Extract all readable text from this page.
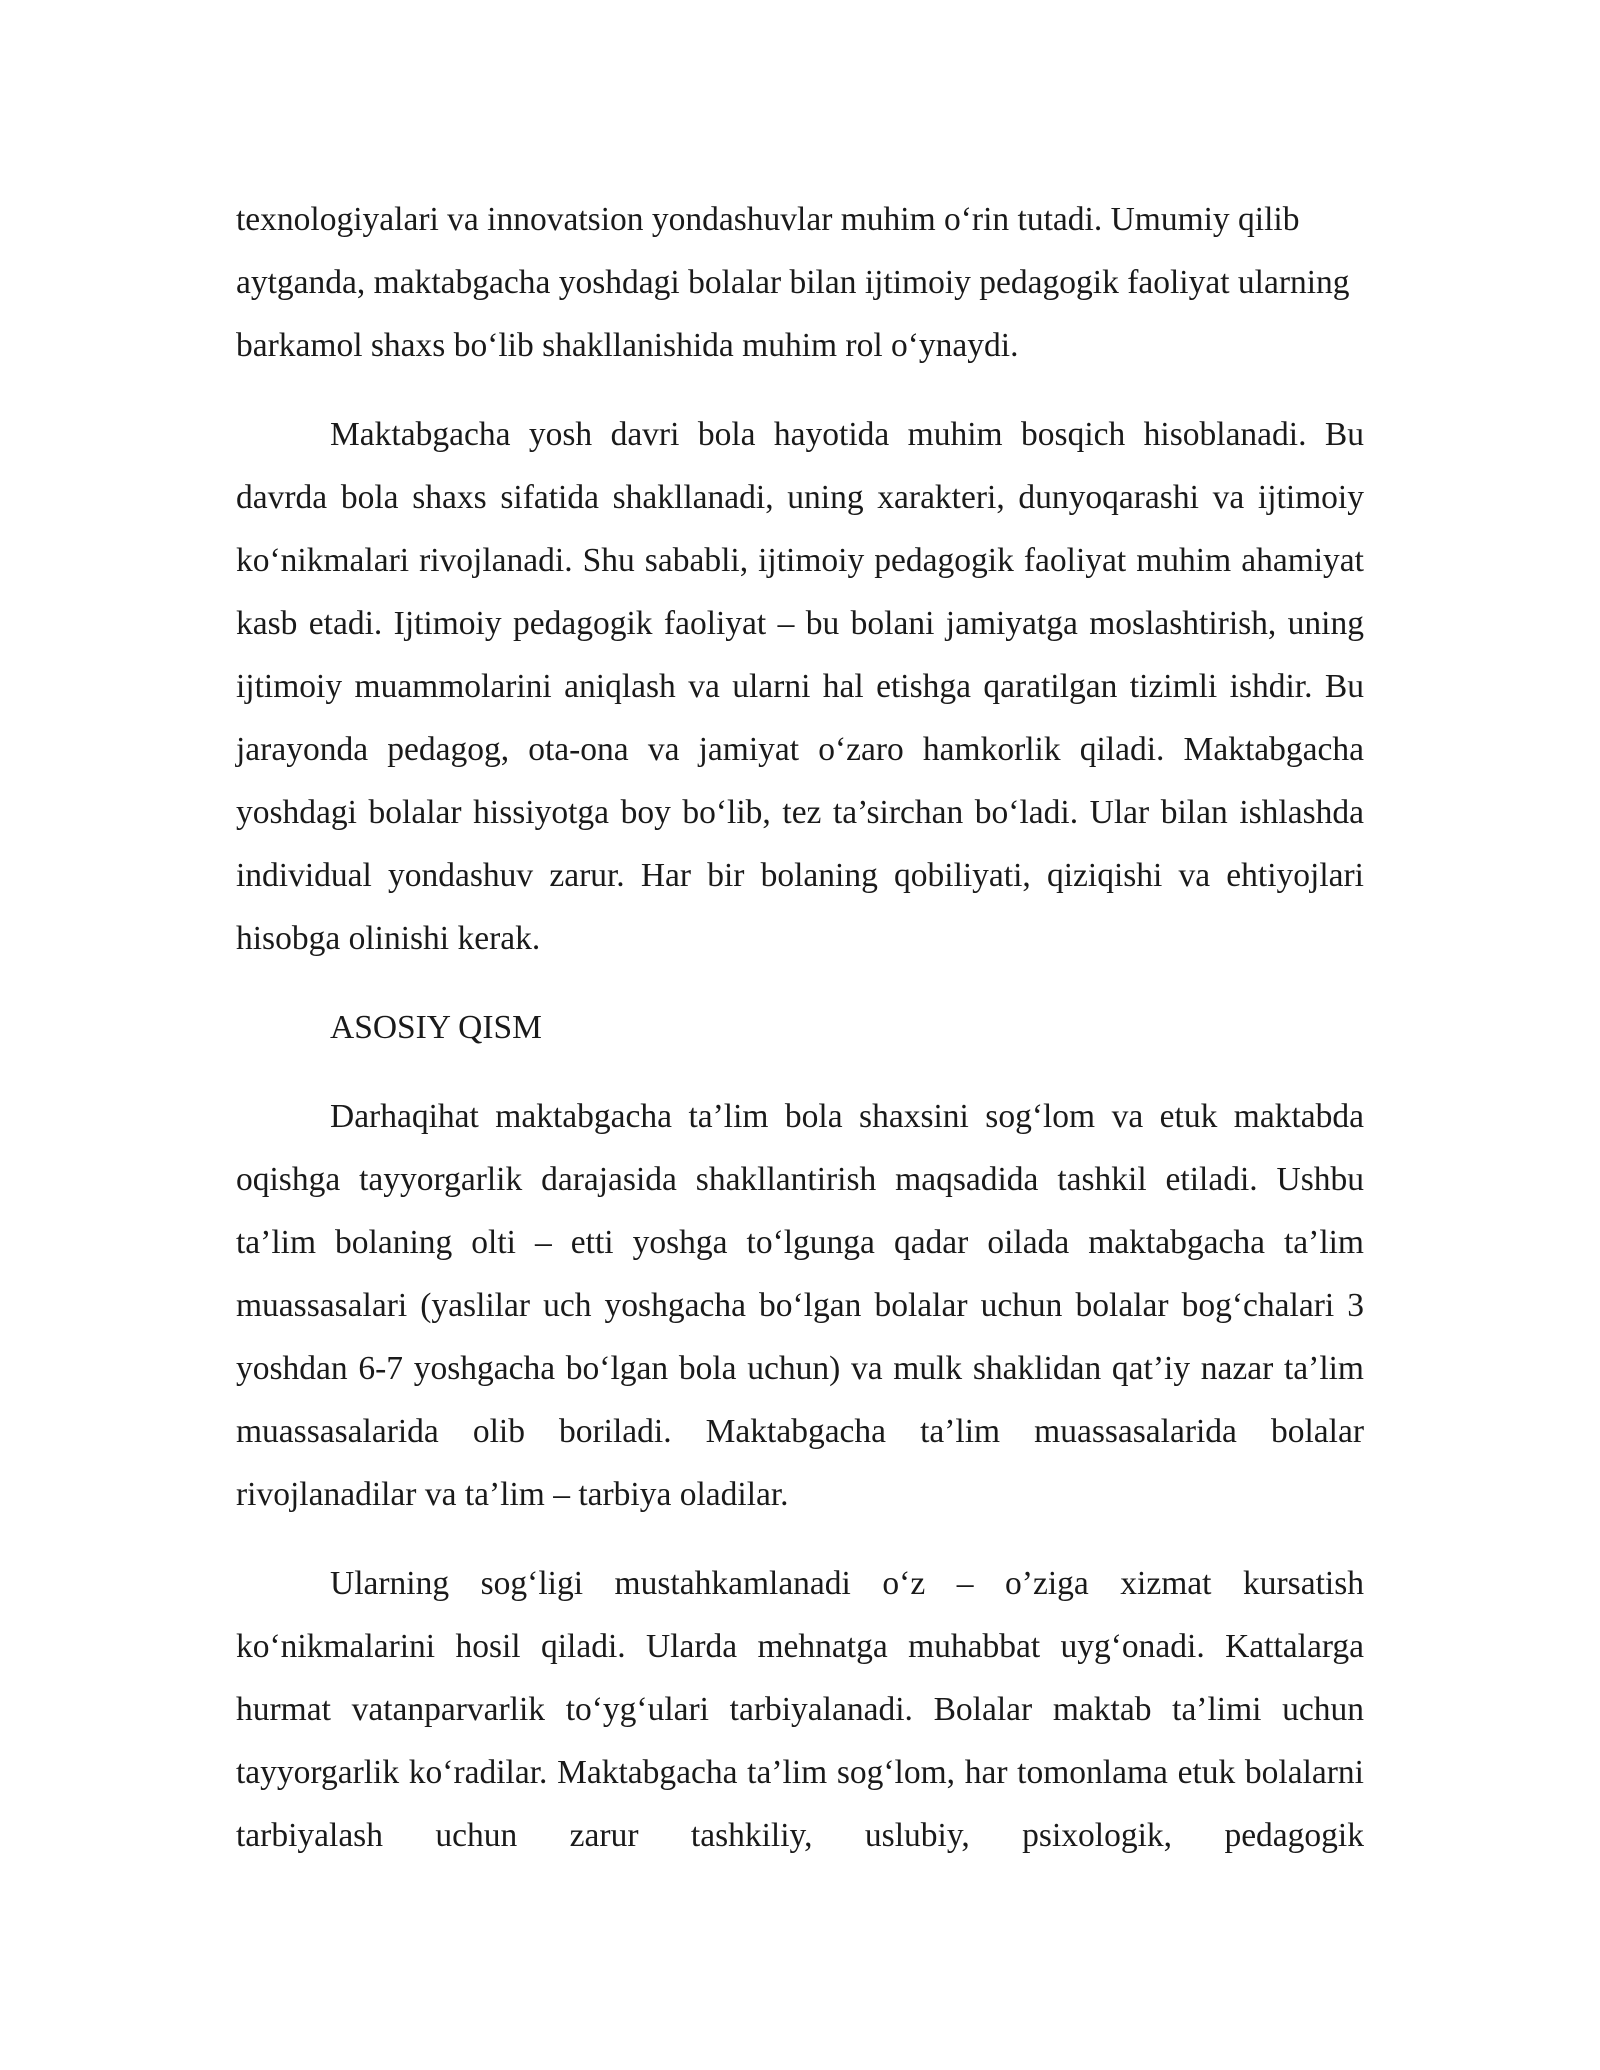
texnologiyalari va innovatsion yondashuvlar muhim o‘rin tutadi. Umumiy qilib aytganda, maktabgacha yoshdagi bolalar bilan ijtimoiy pedagogik faoliyat ularning barkamol shaxs bo‘lib shakllanishida muhim rol o‘ynaydi.

Maktabgacha yosh davri bola hayotida muhim bosqich hisoblanadi. Bu davrda bola shaxs sifatida shakllanadi, uning xarakteri, dunyoqarashi va ijtimoiy ko‘nikmalari rivojlanadi. Shu sababli, ijtimoiy pedagogik faoliyat muhim ahamiyat kasb etadi. Ijtimoiy pedagogik faoliyat – bu bolani jamiyatga moslashtirish, uning ijtimoiy muammolarini aniqlash va ularni hal etishga qaratilgan tizimli ishdir. Bu jarayonda pedagog, ota-ona va jamiyat o‘zaro hamkorlik qiladi. Maktabgacha yoshdagi bolalar hissiyotga boy bo‘lib, tez ta’sirchan bo‘ladi. Ular bilan ishlashda individual yondashuv zarur. Har bir bolaning qobiliyati, qiziqishi va ehtiyojlari hisobga olinishi kerak.

ASOSIY QISM

Darhaqihat maktabgacha ta’lim bola shaxsini sog‘lom va etuk maktabda oqishga tayyorgarlik darajasida shakllantirish maqsadida tashkil etiladi. Ushbu ta’lim bolaning olti – etti yoshga to‘lgunga qadar oilada maktabgacha ta’lim muassasalari (yaslilar uch yoshgacha bo‘lgan bolalar uchun bolalar bog‘chalari 3 yoshdan 6-7 yoshgacha bo‘lgan bola uchun) va mulk shaklidan qat’iy nazar ta’lim muassasalarida olib boriladi. Maktabgacha ta’lim muassasalarida bolalar rivojlanadilar va ta’lim – tarbiya oladilar.

Ularning sog‘ligi mustahkamlanadi o‘z – o’ziga xizmat kursatish ko‘nikmalarini hosil qiladi. Ularda mehnatga muhabbat uyg‘onadi. Kattalarga hurmat vatanparvarlik to‘yg‘ulari tarbiyalanadi. Bolalar maktab ta’limi uchun tayyorgarlik ko‘radilar. Maktabgacha ta’lim sog‘lom, har tomonlama etuk bolalarni tarbiyalash uchun zarur tashkiliy, uslubiy, psixologik, pedagogik
